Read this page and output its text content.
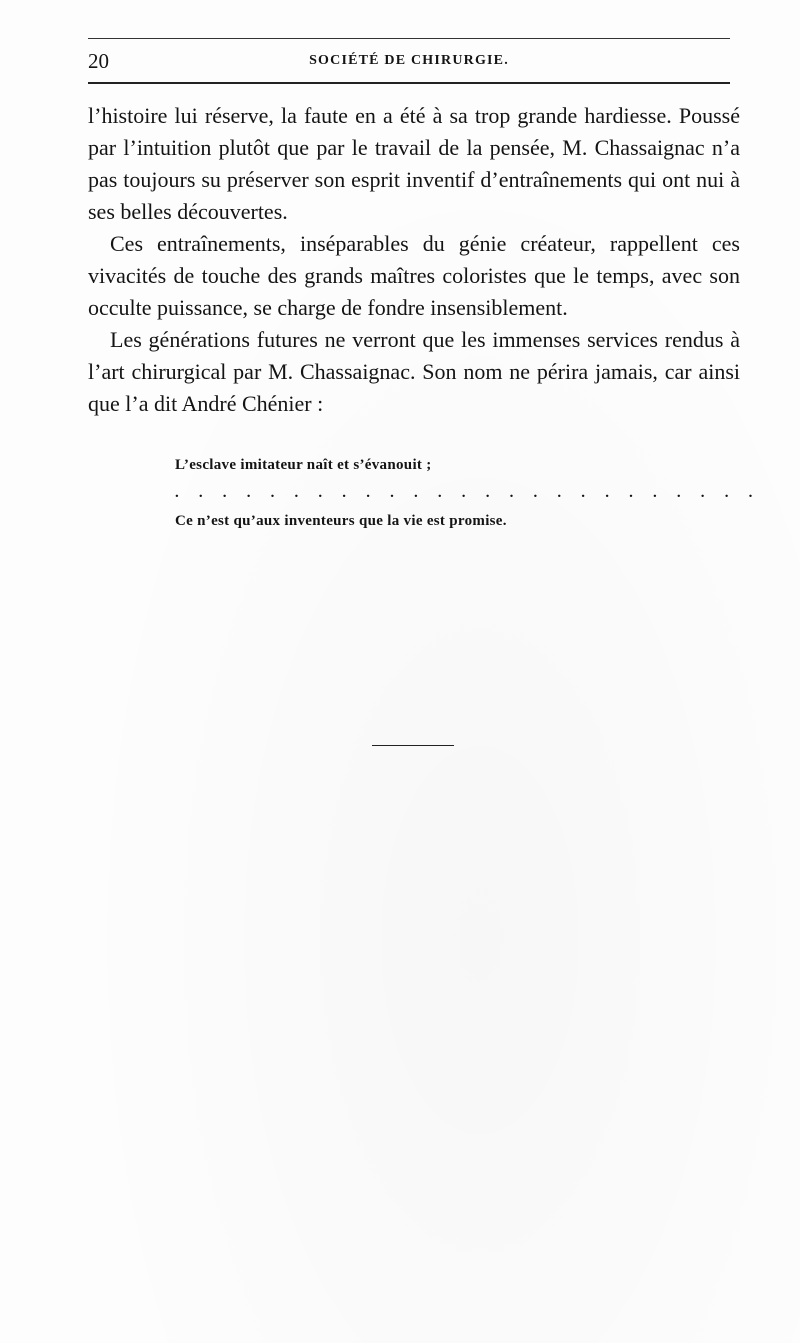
20	SOCIÉTÉ DE CHIRURGIE.

l’histoire lui réserve, la faute en a été à sa trop grande hardiesse. Poussé par l’intuition plutôt que par le travail de la pensée, M. Chassaignac n’a pas toujours su préserver son esprit inventif d’entraînements qui ont nui à ses belles découvertes.

Ces entraînements, inséparables du génie créateur, rappellent ces vivacités de touche des grands maîtres coloristes que le temps, avec son occulte puissance, se charge de fondre insensiblement.

Les générations futures ne verront que les immenses services rendus à l’art chirurgical par M. Chassaignac. Son nom ne périra jamais, car ainsi que l’a dit André Chénier :

L’esclave imitateur naît et s’évanouit ;
. . . . . . . . . . . . . . . . . . . . . . . . .
Ce n’est qu’aux inventeurs que la vie est promise.
